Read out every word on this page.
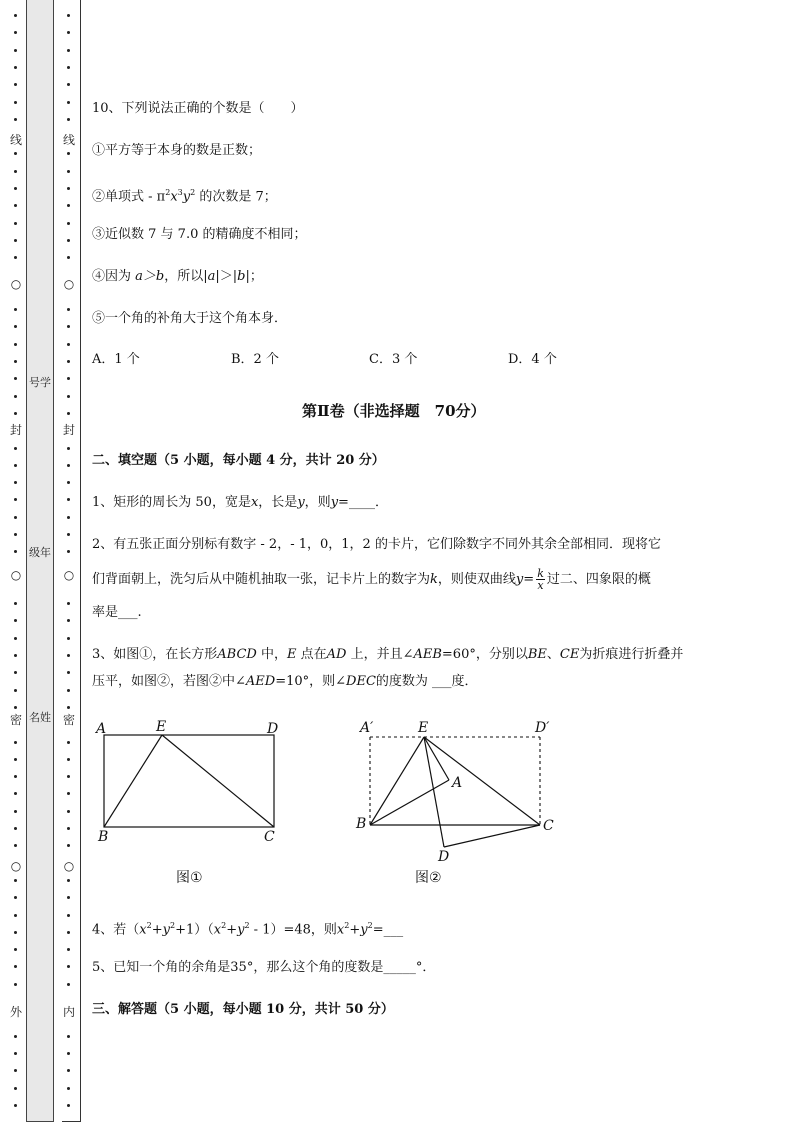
号学
级年
名姓
线
○
封
○
密
○
外
线
○
封
○
密
○
内
10、下列说法正确的个数是（　　）
①平方等于本身的数是正数；
②单项式 - $\pi^2x^3y^2$ 的次数是 7；
③近似数 7 与 7.0 的精确度不相同；
④因为 a＞b，所以|a|＞|b|；
⑤一个角的补角大于这个角本身．
A．1 个	B．2 个	C．3 个	D．4 个
第Ⅱ卷（非选择题　70分）
二、填空题（5 小题，每小题 4 分，共计 20 分）
1、矩形的周长为 50，宽是x，长是y，则y=____．
2、有五张正面分别标有数字 - 2，- 1，0，1，2 的卡片，它们除数字不同外其余全部相同．现将它
们背面朝上，洗匀后从中随机抽取一张，记卡片上的数字为k，则使双曲线$y= \frac{k}{x}$ 过二、四象限的概
率是___.
3、如图①，在长方形ABCD 中，E 点在AD 上，并且∠AEB=60°，分别以BE、CE为折痕进行折叠并
压平，如图②，若图②中∠AED=10°，则∠DEC的度数为 ___度．
A	E	D
B	C
图①
A′	E	D′
A
B	C
D
图②
4、若$(x^2+y^2+1)(x^2+y^2 - 1)=48$，则$x^2+y^2=\_\_\_$
5、已知一个角的余角是35°，那么这个角的度数是_____°．
三、解答题（5 小题，每小题 10 分，共计 50 分）
